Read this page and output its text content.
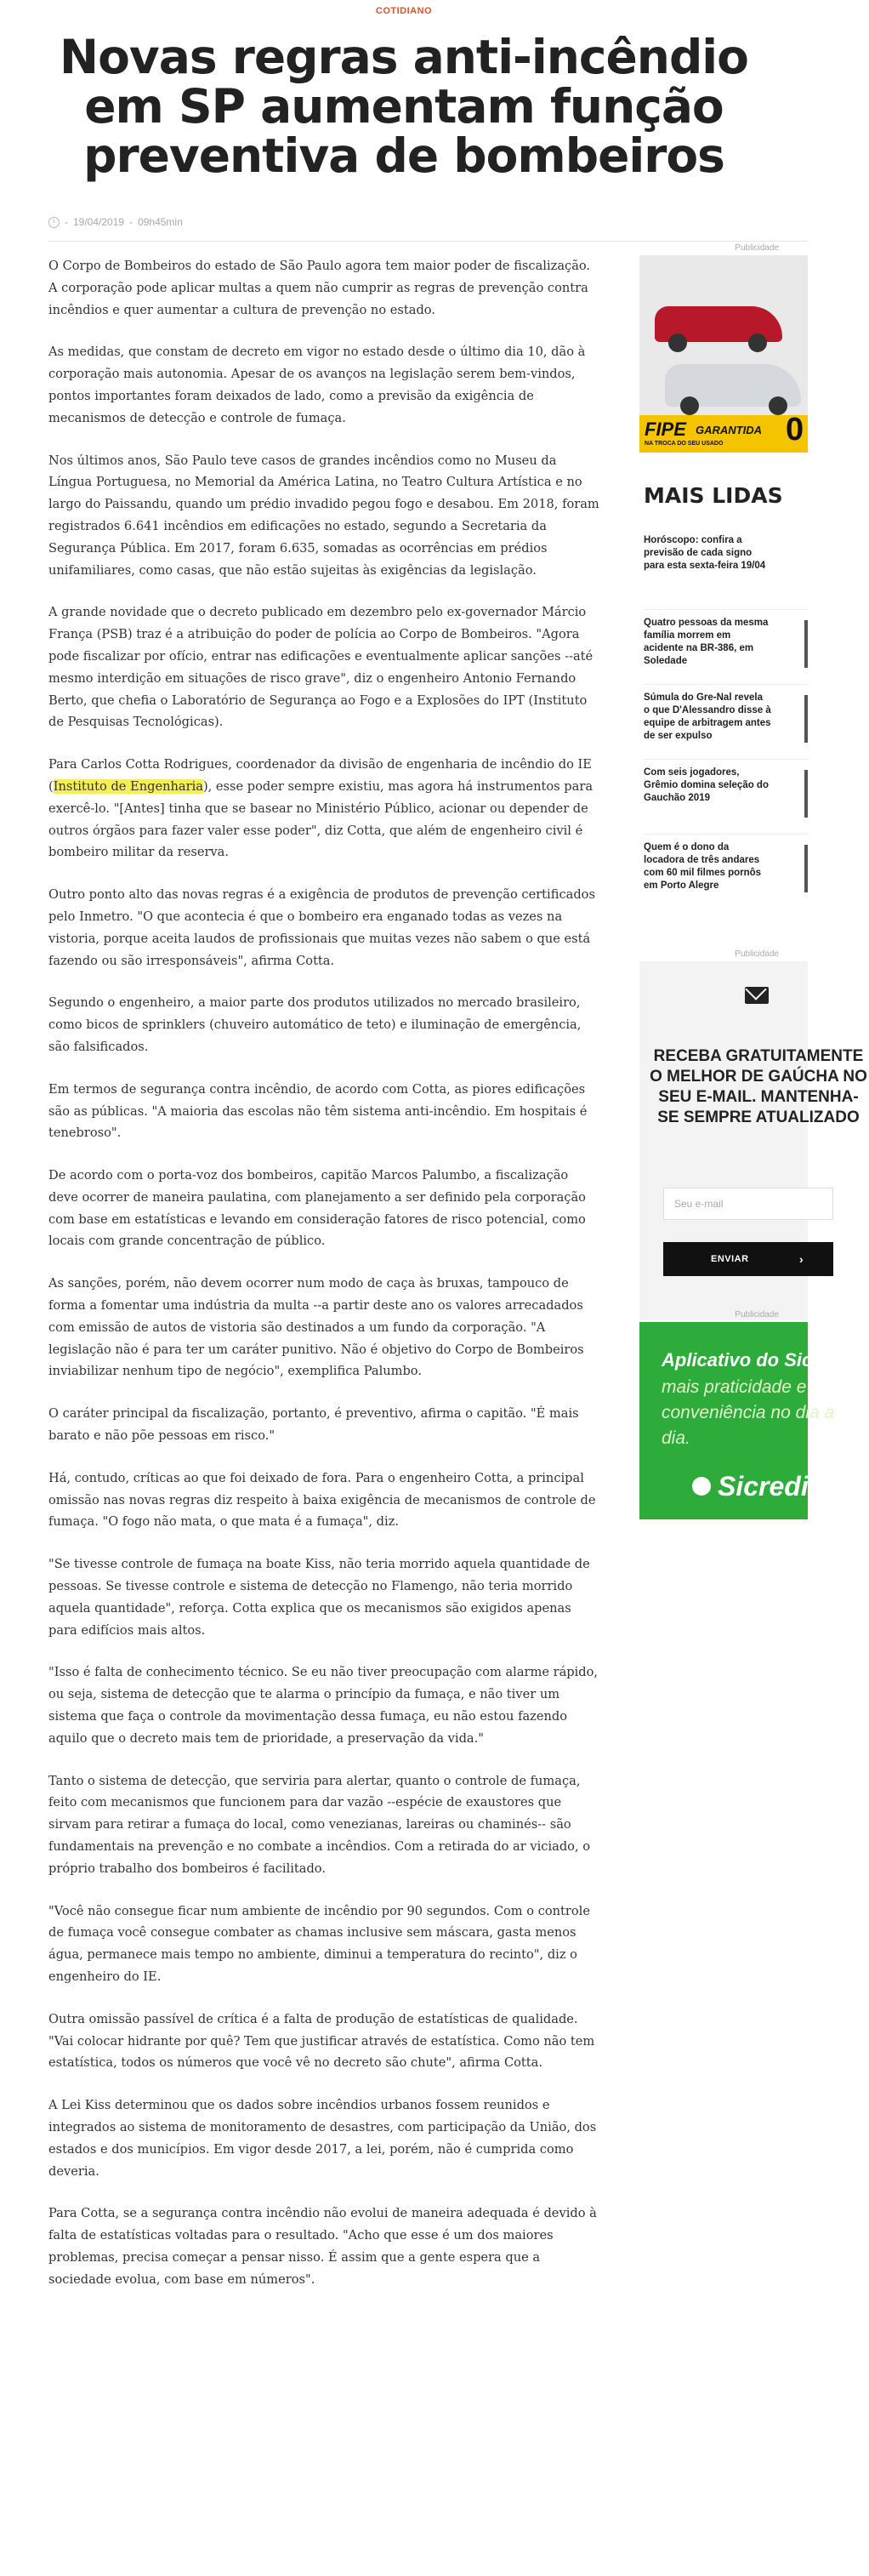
COTIDIANO
Novas regras anti-incêndio em SP aumentam função preventiva de bombeiros
- 19/04/2019 - 09h45min

O Corpo de Bombeiros do estado de São Paulo agora tem maior poder de fiscalização. A corporação pode aplicar multas a quem não cumprir as regras de prevenção contra incêndios e quer aumentar a cultura de prevenção no estado.

As medidas, que constam de decreto em vigor no estado desde o último dia 10, dão à corporação mais autonomia. Apesar de os avanços na legislação serem bem-vindos, pontos importantes foram deixados de lado, como a previsão da exigência de mecanismos de detecção e controle de fumaça.

Nos últimos anos, São Paulo teve casos de grandes incêndios como no Museu da Língua Portuguesa, no Memorial da América Latina, no Teatro Cultura Artística e no largo do Paissandu, quando um prédio invadido pegou fogo e desabou. Em 2018, foram registrados 6.641 incêndios em edificações no estado, segundo a Secretaria da Segurança Pública. Em 2017, foram 6.635, somadas as ocorrências em prédios unifamiliares, como casas, que não estão sujeitas às exigências da legislação.

A grande novidade que o decreto publicado em dezembro pelo ex-governador Márcio França (PSB) traz é a atribuição do poder de polícia ao Corpo de Bombeiros. "Agora pode fiscalizar por ofício, entrar nas edificações e eventualmente aplicar sanções --até mesmo interdição em situações de risco grave", diz o engenheiro Antonio Fernando Berto, que chefia o Laboratório de Segurança ao Fogo e a Explosões do IPT (Instituto de Pesquisas Tecnológicas).

Para Carlos Cotta Rodrigues, coordenador da divisão de engenharia de incêndio do IE (Instituto de Engenharia), esse poder sempre existiu, mas agora há instrumentos para exercê-lo. "[Antes] tinha que se basear no Ministério Público, acionar ou depender de outros órgãos para fazer valer esse poder", diz Cotta, que além de engenheiro civil é bombeiro militar da reserva.

Outro ponto alto das novas regras é a exigência de produtos de prevenção certificados pelo Inmetro. "O que acontecia é que o bombeiro era enganado todas as vezes na vistoria, porque aceita laudos de profissionais que muitas vezes não sabem o que está fazendo ou são irresponsáveis", afirma Cotta.

Segundo o engenheiro, a maior parte dos produtos utilizados no mercado brasileiro, como bicos de sprinklers (chuveiro automático de teto) e iluminação de emergência, são falsificados.

Em termos de segurança contra incêndio, de acordo com Cotta, as piores edificações são as públicas. "A maioria das escolas não têm sistema anti-incêndio. Em hospitais é tenebroso".

De acordo com o porta-voz dos bombeiros, capitão Marcos Palumbo, a fiscalização deve ocorrer de maneira paulatina, com planejamento a ser definido pela corporação com base em estatísticas e levando em consideração fatores de risco potencial, como locais com grande concentração de público.

As sanções, porém, não devem ocorrer num modo de caça às bruxas, tampouco de forma a fomentar uma indústria da multa --a partir deste ano os valores arrecadados com emissão de autos de vistoria são destinados a um fundo da corporação. "A legislação não é para ter um caráter punitivo. Não é objetivo do Corpo de Bombeiros inviabilizar nenhum tipo de negócio", exemplifica Palumbo.

O caráter principal da fiscalização, portanto, é preventivo, afirma o capitão. "É mais barato e não põe pessoas em risco."

Há, contudo, críticas ao que foi deixado de fora. Para o engenheiro Cotta, a principal omissão nas novas regras diz respeito à baixa exigência de mecanismos de controle de fumaça. "O fogo não mata, o que mata é a fumaça", diz.

"Se tivesse controle de fumaça na boate Kiss, não teria morrido aquela quantidade de pessoas. Se tivesse controle e sistema de detecção no Flamengo, não teria morrido aquela quantidade", reforça. Cotta explica que os mecanismos são exigidos apenas para edifícios mais altos.

"Isso é falta de conhecimento técnico. Se eu não tiver preocupação com alarme rápido, ou seja, sistema de detecção que te alarma o princípio da fumaça, e não tiver um sistema que faça o controle da movimentação dessa fumaça, eu não estou fazendo aquilo que o decreto mais tem de prioridade, a preservação da vida."

Tanto o sistema de detecção, que serviria para alertar, quanto o controle de fumaça, feito com mecanismos que funcionem para dar vazão --espécie de exaustores que sirvam para retirar a fumaça do local, como venezianas, lareiras ou chaminés-- são fundamentais na prevenção e no combate a incêndios. Com a retirada do ar viciado, o próprio trabalho dos bombeiros é facilitado.

"Você não consegue ficar num ambiente de incêndio por 90 segundos. Com o controle de fumaça você consegue combater as chamas inclusive sem máscara, gasta menos água, permanece mais tempo no ambiente, diminui a temperatura do recinto", diz o engenheiro do IE.

Outra omissão passível de crítica é a falta de produção de estatísticas de qualidade. "Vai colocar hidrante por quê? Tem que justificar através de estatística. Como não tem estatística, todos os números que você vê no decreto são chute", afirma Cotta.

A Lei Kiss determinou que os dados sobre incêndios urbanos fossem reunidos e integrados ao sistema de monitoramento de desastres, com participação da União, dos estados e dos municípios. Em vigor desde 2017, a lei, porém, não é cumprida como deveria.

Para Cotta, se a segurança contra incêndio não evolui de maneira adequada é devido à falta de estatísticas voltadas para o resultado. "Acho que esse é um dos maiores problemas, precisa começar a pensar nisso. É assim que a gente espera que a sociedade evolua, com base em números".

Publicidade
FIPE GARANTIDA
NA TROCA DO SEU USADO 0
MAIS LIDAS
Horóscopo: confira a previsão de cada signo para esta sexta-feira 19/04
Quatro pessoas da mesma família morrem em acidente na BR-386, em Soledade
Súmula do Gre-Nal revela o que D'Alessandro disse à equipe de arbitragem antes de ser expulso
Com seis jogadores, Grêmio domina seleção do Gauchão 2019
Quem é o dono da locadora de três andares com 60 mil filmes pornôs em Porto Alegre
Publicidade
RECEBA GRATUITAMENTE O MELHOR DE GAÚCHA NO SEU E-MAIL. MANTENHA-SE SEMPRE ATUALIZADO
Seu e-mail
ENVIAR	›
Publicidade
Aplicativo do Sicredi:
mais praticidade e conveniência no dia a dia.
Sicredi
